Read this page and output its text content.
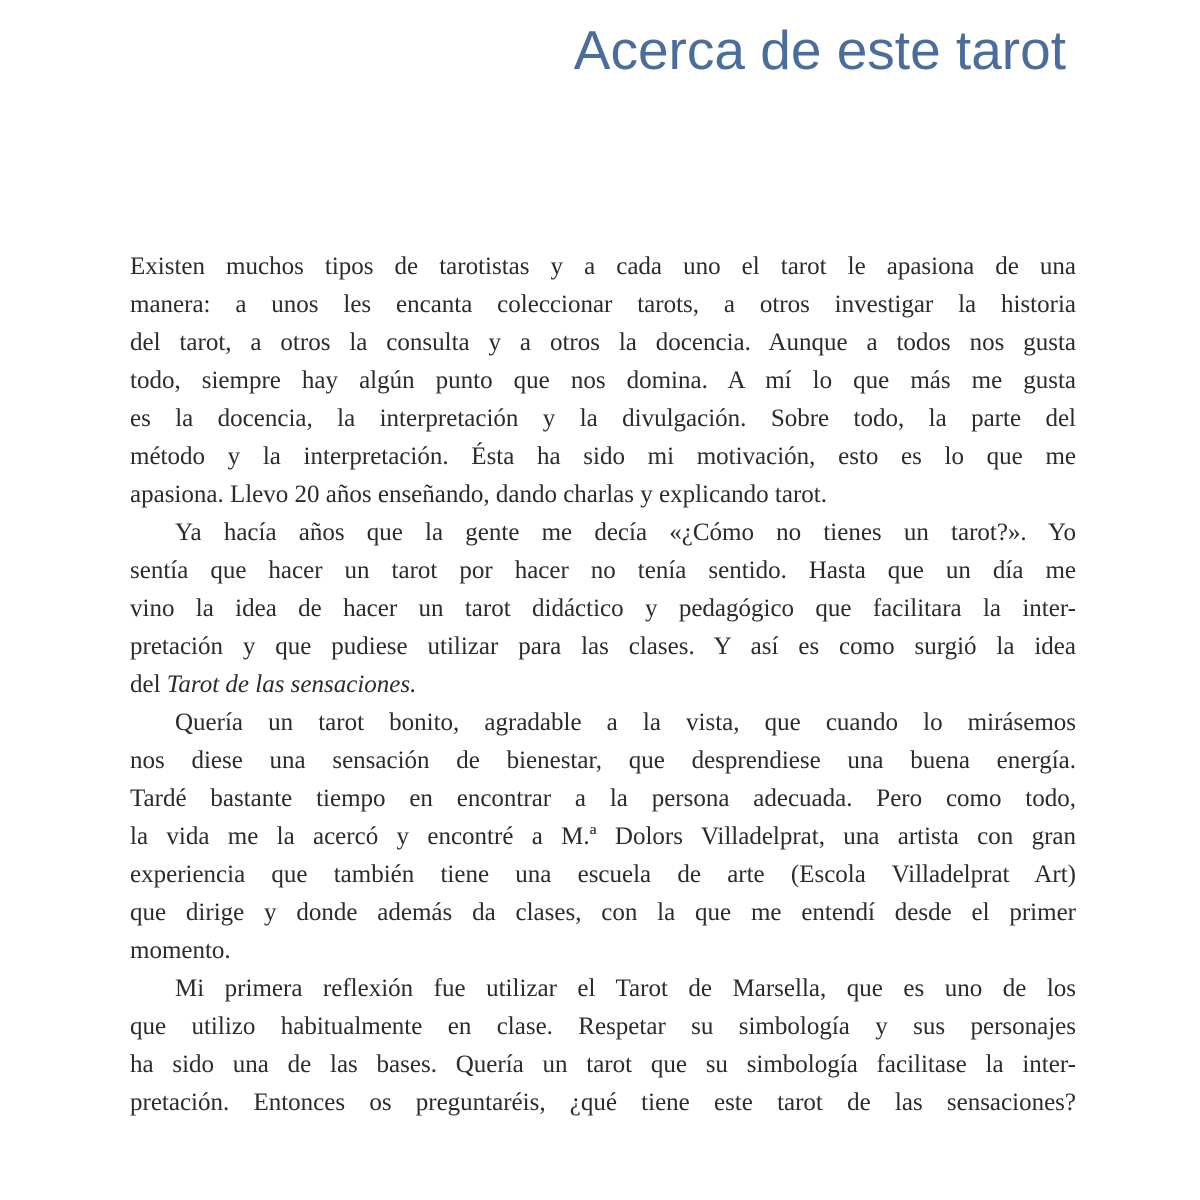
Acerca de este tarot
Existen muchos tipos de tarotistas y a cada uno el tarot le apasiona de una
manera: a unos les encanta coleccionar tarots, a otros investigar la historia
del tarot, a otros la consulta y a otros la docencia. Aunque a todos nos gusta
todo, siempre hay algún punto que nos domina. A mí lo que más me gusta
es la docencia, la interpretación y la divulgación. Sobre todo, la parte del
método y la interpretación. Ésta ha sido mi motivación, esto es lo que me
apasiona. Llevo 20 años enseñando, dando charlas y explicando tarot.
Ya hacía años que la gente me decía «¿Cómo no tienes un tarot?». Yo
sentía que hacer un tarot por hacer no tenía sentido. Hasta que un día me
vino la idea de hacer un tarot didáctico y pedagógico que facilitara la inter-
pretación y que pudiese utilizar para las clases. Y así es como surgió la idea
del Tarot de las sensaciones.
Quería un tarot bonito, agradable a la vista, que cuando lo mirásemos
nos diese una sensación de bienestar, que desprendiese una buena energía.
Tardé bastante tiempo en encontrar a la persona adecuada. Pero como todo,
la vida me la acercó y encontré a M.ª Dolors Villadelprat, una artista con gran
experiencia que también tiene una escuela de arte (Escola Villadelprat Art)
que dirige y donde además da clases, con la que me entendí desde el primer
momento.
Mi primera reflexión fue utilizar el Tarot de Marsella, que es uno de los
que utilizo habitualmente en clase. Respetar su simbología y sus personajes
ha sido una de las bases. Quería un tarot que su simbología facilitase la inter-
pretación. Entonces os preguntaréis, ¿qué tiene este tarot de las sensaciones?
